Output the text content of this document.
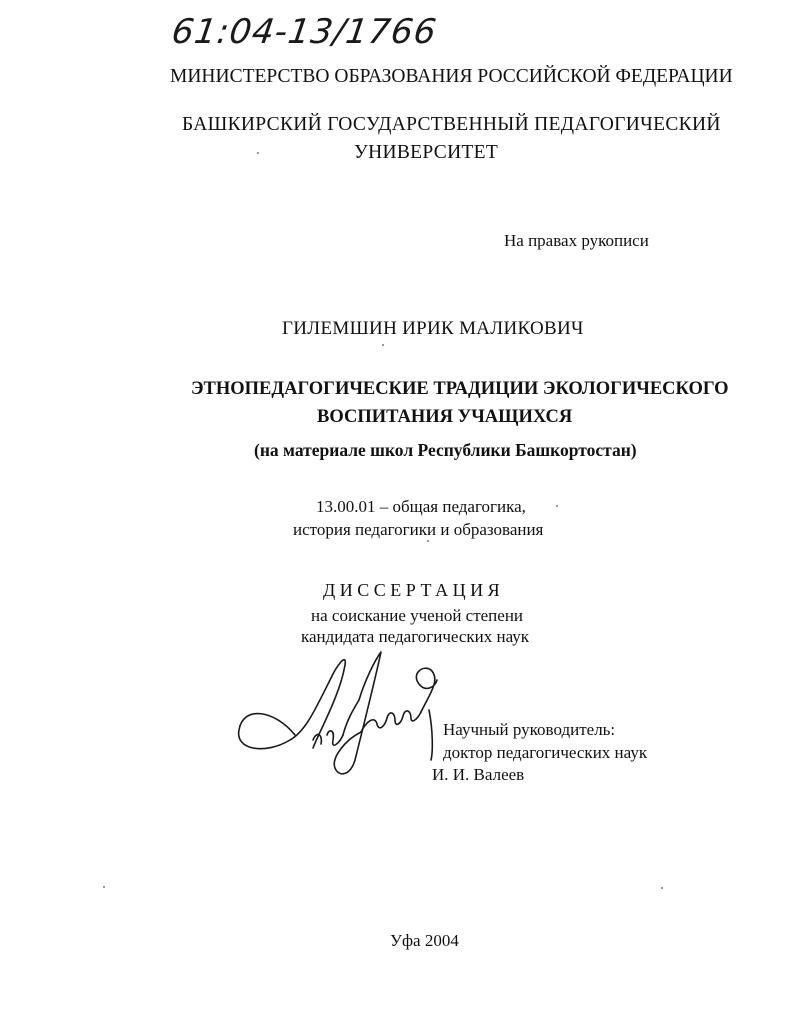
61:04-13/1766
МИНИСТЕРСТВО ОБРАЗОВАНИЯ РОССИЙСКОЙ ФЕДЕРАЦИИ
БАШКИРСКИЙ ГОСУДАРСТВЕННЫЙ ПЕДАГОГИЧЕСКИЙ
УНИВЕРСИТЕТ
На правах рукописи
ГИЛЕМШИН ИРИК МАЛИКОВИЧ
ЭТНОПЕДАГОГИЧЕСКИЕ ТРАДИЦИИ ЭКОЛОГИЧЕСКОГО
ВОСПИТАНИЯ УЧАЩИХСЯ
(на материале школ Республики Башкортостан)
13.00.01 – общая педагогика,
история педагогики и образования
ДИССЕРТАЦИЯ
на соискание ученой степени
кандидата педагогических наук
Научный руководитель:
доктор педагогических наук
И. И. Валеев
Уфа 2004
